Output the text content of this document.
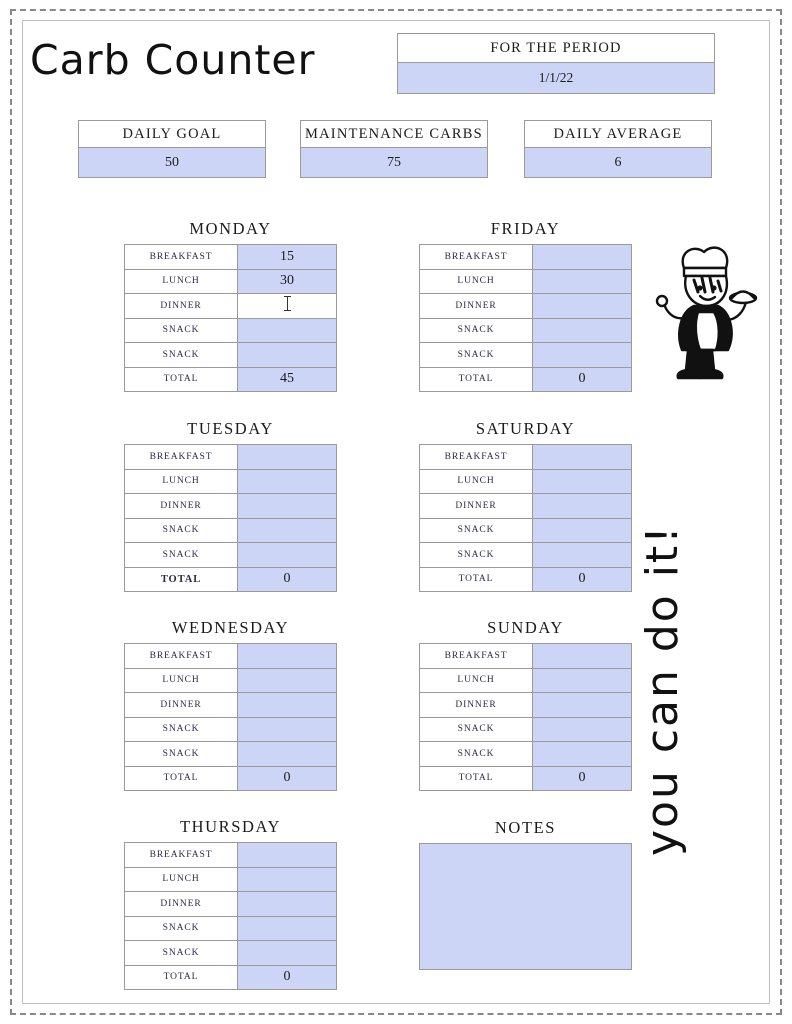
Carb Counter	FOR THE PERIOD
1/1/22
DAILY GOAL
50
MAINTENANCE CARBS
75
DAILY AVERAGE
6
MONDAY
BREAKFAST	15
LUNCH	30
DINNER	
SNACK	
SNACK	
TOTAL	45
TUESDAY
BREAKFAST	
LUNCH	
DINNER	
SNACK	
SNACK	
TOTAL	0
WEDNESDAY
BREAKFAST	
LUNCH	
DINNER	
SNACK	
SNACK	
TOTAL	0
THURSDAY
BREAKFAST	
LUNCH	
DINNER	
SNACK	
SNACK	
TOTAL	0
FRIDAY
BREAKFAST	
LUNCH	
DINNER	
SNACK	
SNACK	
TOTAL	0
SATURDAY
BREAKFAST	
LUNCH	
DINNER	
SNACK	
SNACK	
TOTAL	0
SUNDAY
BREAKFAST	
LUNCH	
DINNER	
SNACK	
SNACK	
TOTAL	0
NOTES	you can do it!
